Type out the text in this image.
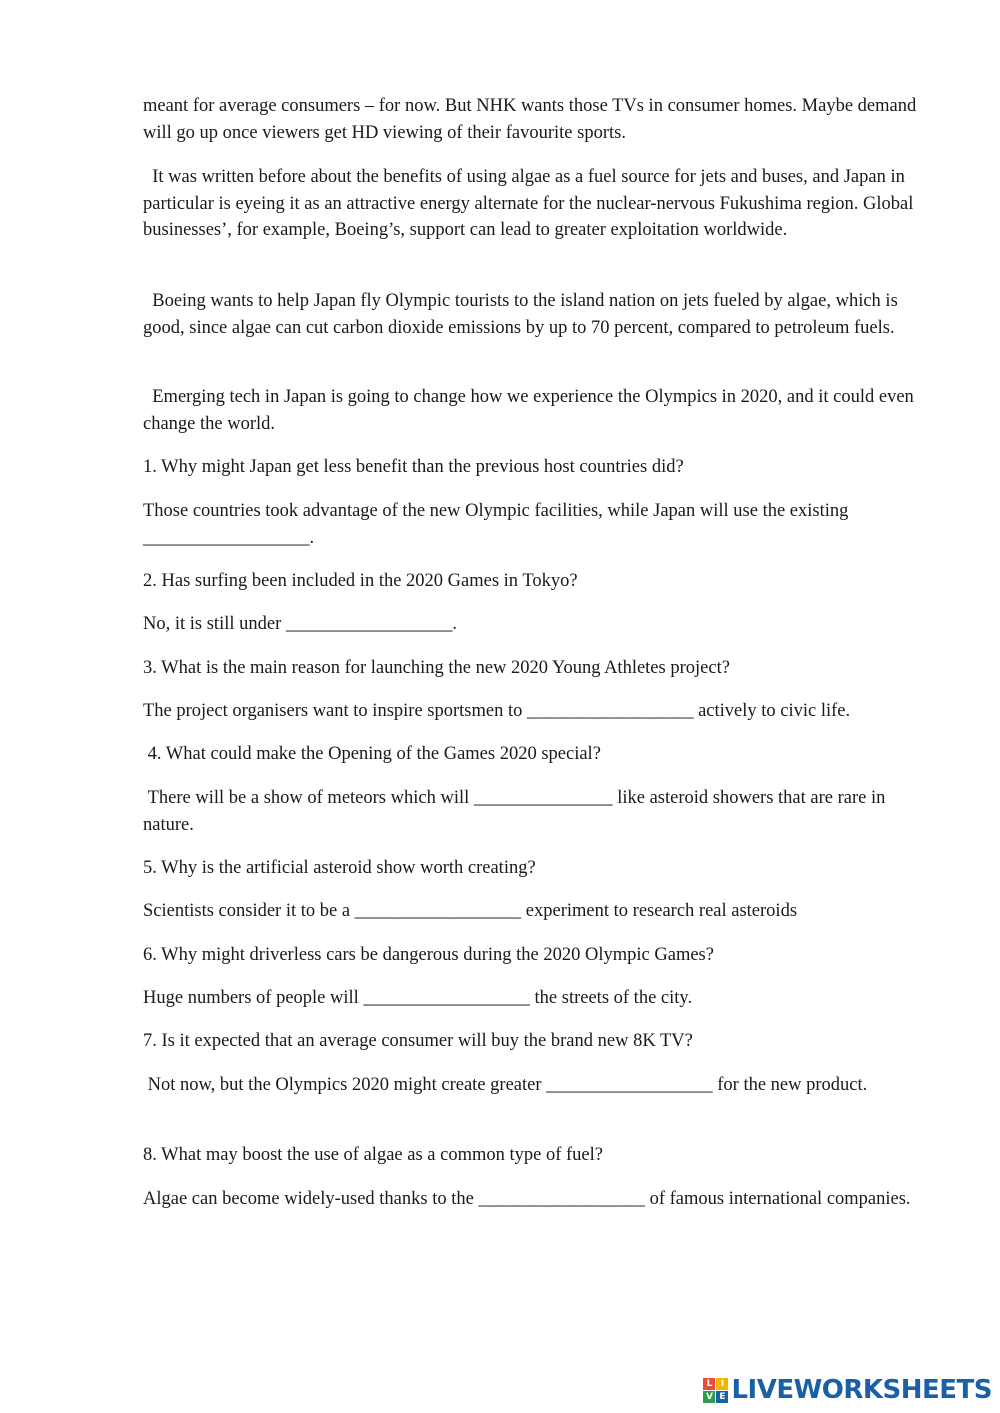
meant for average consumers – for now. But NHK wants those TVs in consumer homes. Maybe demand will go up once viewers get HD viewing of their favourite sports.
It was written before about the benefits of using algae as a fuel source for jets and buses, and Japan in particular is eyeing it as an attractive energy alternate for the nuclear-nervous Fukushima region. Global businesses’, for example, Boeing’s, support can lead to greater exploitation worldwide.
Boeing wants to help Japan fly Olympic tourists to the island nation on jets fueled by algae, which is good, since algae can cut carbon dioxide emissions by up to 70 percent, compared to petroleum fuels.
Emerging tech in Japan is going to change how we experience the Olympics in 2020, and it could even change the world.
1. Why might Japan get less benefit than the previous host countries did?
Those countries took advantage of the new Olympic facilities, while Japan will use the existing __________________.
2. Has surfing been included in the 2020 Games in Tokyo?
No, it is still under __________________.
3. What is the main reason for launching the new 2020 Young Athletes project?
The project organisers want to inspire sportsmen to __________________ actively to civic life.
4. What could make the Opening of the Games 2020 special?
There will be a show of meteors which will _______________ like asteroid showers that are rare in nature.
5. Why is the artificial asteroid show worth creating?
Scientists consider it to be a __________________ experiment to research real asteroids
6. Why might driverless cars be dangerous during the 2020 Olympic Games?
Huge numbers of people will __________________ the streets of the city.
7. Is it expected that an average consumer will buy the brand new 8K TV?
Not now, but the Olympics 2020 might create greater __________________ for the new product.
8. What may boost the use of algae as a common type of fuel?
Algae can become widely-used thanks to the __________________ of famous international companies.
L I
V E LIVEWORKSHEETS
